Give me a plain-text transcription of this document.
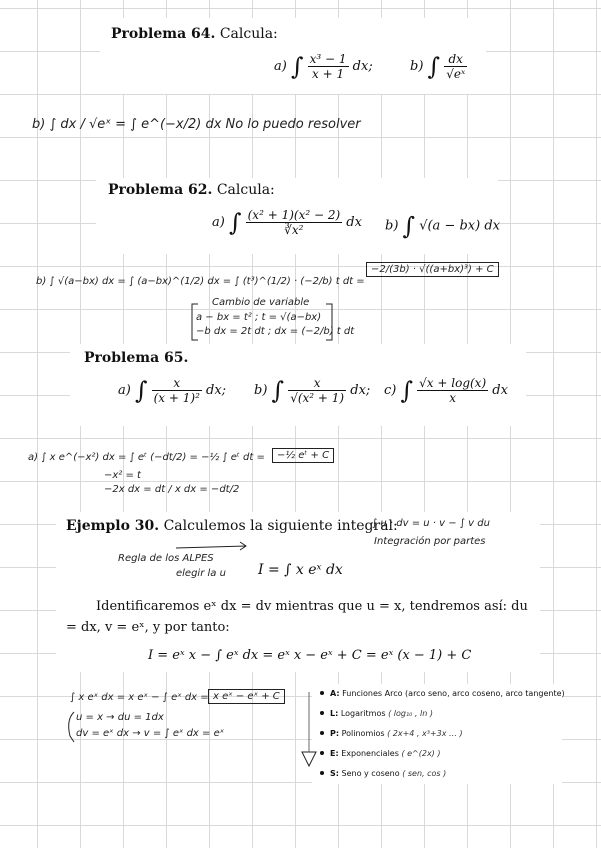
Problema 64. Calcula:
a) ∫ $\frac{\text{x³ − 1}}{x + 1}$ dx;	b) ∫ $\frac{dx}{\text{√eˣ}}$
b) ∫ dx / √eˣ = ∫ e^(−x/2) dx No lo puedo resolver
Problema 62. Calcula:
a) ∫ $\frac{\text{(x² + 1)(x² − 2)}}{\text{∛x²}}$ dx b) ∫ √(a − bx) dx
b) ∫ √(a−bx) dx = ∫ (a−bx)^(1/2) dx = ∫ (t³)^(1/2) · (−2/b) t dt =
−2/(3b) · √((a+bx)³) + C
Cambio de variable
a − bx = t² ; t = √(a−bx)
−b dx = 2t dt ; dx = (−2/b) t dt
Problema 65.
a) ∫ $\frac{x}{\text{(x + 1)²}}$ dx; b) ∫ $\frac{x}{\text{√(x² + 1)}}$ dx; c) ∫ $\frac{√x + \log(x)}{x}$ dx
a) ∫ x e^(−x²) dx = ∫ eᵗ (−dt/2) = −½ ∫ eᵗ dt =	−½ eᵗ + C
−x² = t
−2x dx = dt / x dx = −dt/2
Ejemplo 30. Calculemos la siguiente integral:
I = ∫ x eˣ dx
Identificaremos eˣ dx = dv mientras que u = x, tendremos así: du = dx, v = eˣ, y por tanto:
I = eˣ x − ∫ eˣ dx = eˣ x − eˣ + C = eˣ (x − 1) + C
Regla de los ALPES
elegir la u
∫ u · dv = u · v − ∫ v du
Integración por partes
∫ x eˣ dx = x eˣ − ∫ eˣ dx = x eˣ − eˣ + C
u = x → du = 1dx
dv = eˣ dx → v = ∫ eˣ dx = eˣ
A: Funciones Arco (arco seno, arco coseno, arco tangente)
L: Logaritmos ( log₁₀ , ln )
P: Polinomios ( 2x+4 , x³+3x … )
E: Exponenciales ( e^(2x) )
S: Seno y coseno ( sen, cos )
